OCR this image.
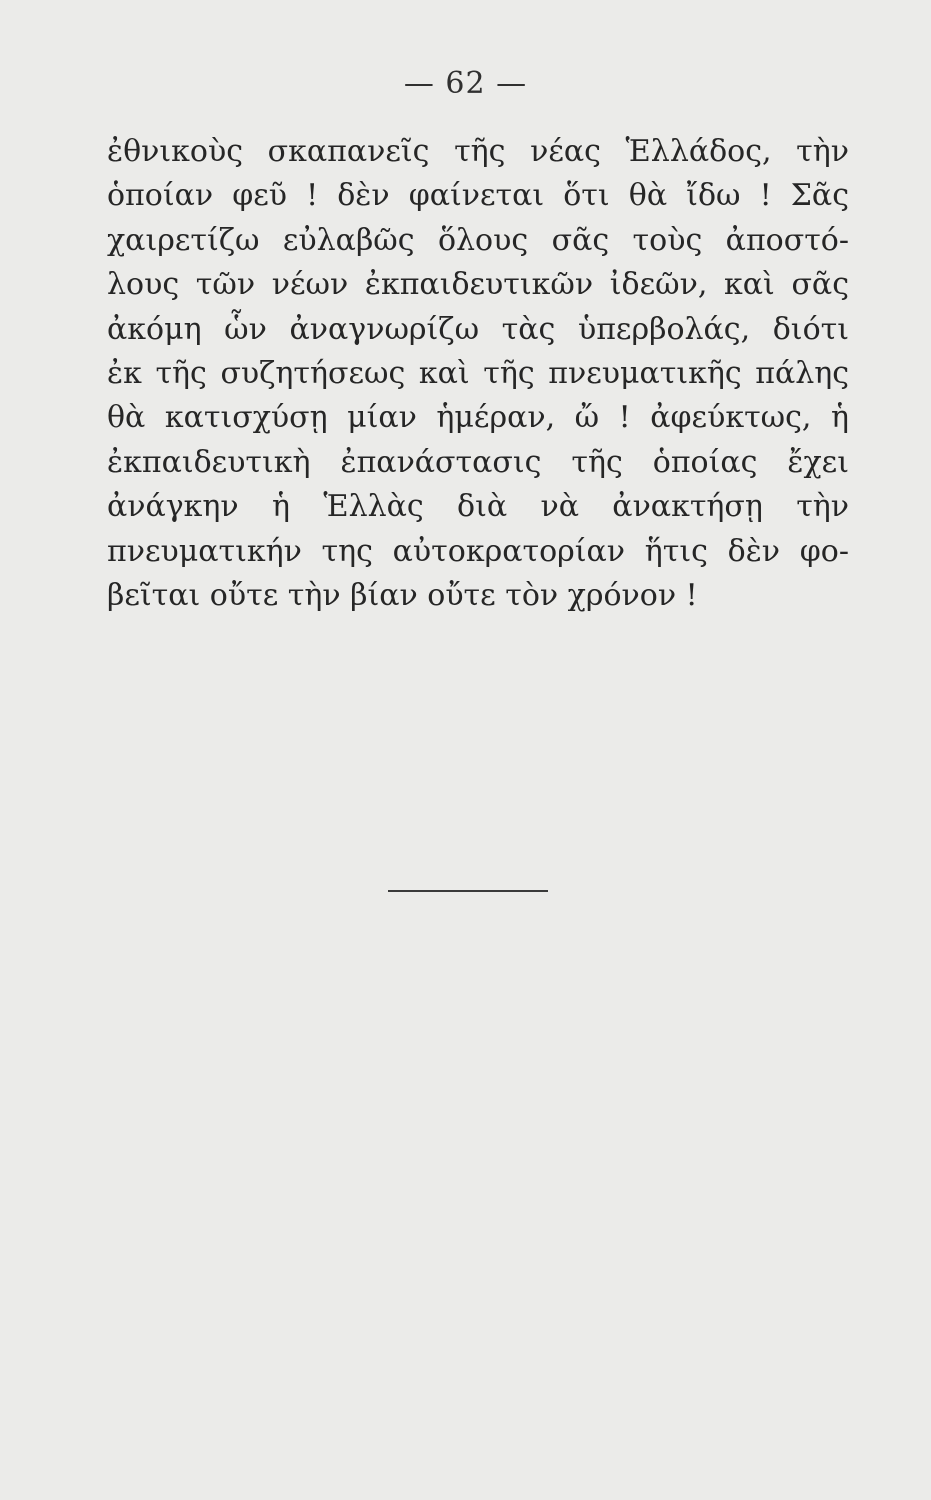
— 62 —
ἐθνικοὺς σκαπανεῖς τῆς νέας Ἑλλάδος, τὴν
ὁποίαν φεῦ ! δὲν φαίνεται ὅτι θὰ ἴδω ! Σᾶς
χαιρετίζω εὐλαβῶς ὅλους σᾶς τοὺς ἀποστό-
λους τῶν νέων ἐκπαιδευτικῶν ἰδεῶν, καὶ σᾶς
ἀκόμη ὧν ἀναγνωρίζω τὰς ὑπερβολάς, διότι
ἐκ τῆς συζητήσεως καὶ τῆς πνευματικῆς πάλης
θὰ κατισχύσῃ μίαν ἡμέραν, ὤ ! ἀφεύκτως, ἡ
ἐκπαιδευτικὴ ἐπανάστασις τῆς ὁποίας ἔχει
ἀνάγκην ἡ Ἑλλὰς διὰ νὰ ἀνακτήσῃ τὴν
πνευματικήν της αὐτοκρατορίαν ἥτις δὲν φο-
βεῖται οὔτε τὴν βίαν οὔτε τὸν χρόνον !
